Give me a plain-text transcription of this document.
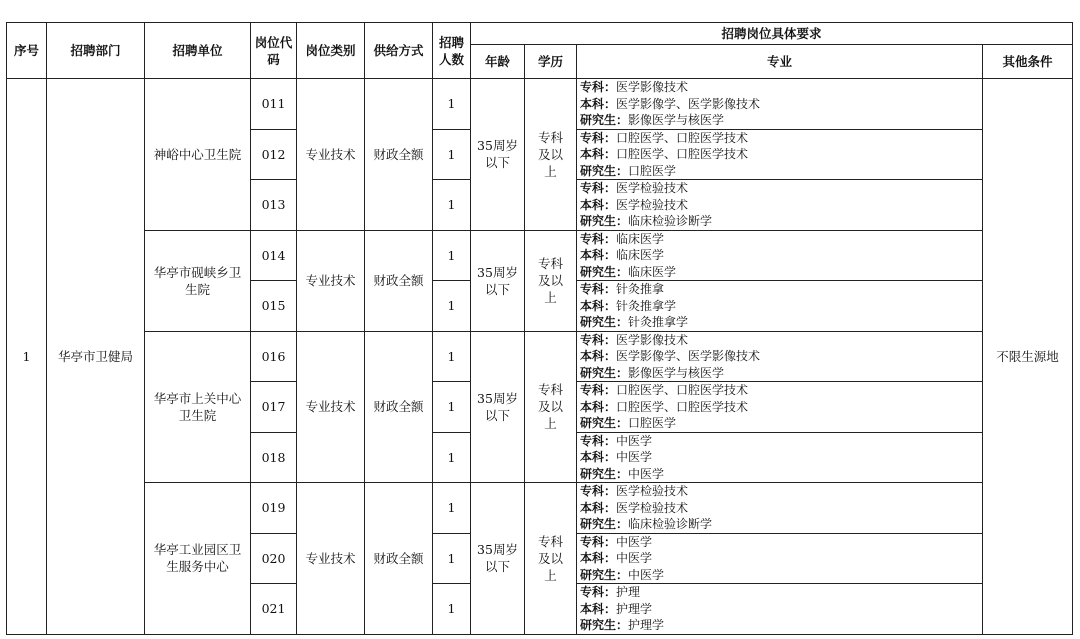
序号	招聘部门	招聘单位	岗位代码	岗位类别	供给方式	招聘人数	招聘岗位具体要求			
							年龄	学历	专业	其他条件
1	华亭市卫健局	神峪中心卫生院	011	专业技术	财政全额	1	35周岁以下	专科及以上	专科：医学影像技术
本科：医学影像学、医学影像技术
研究生：影像医学与核医学	不限生源地
			012			1			专科：口腔医学、口腔医学技术
本科：口腔医学、口腔医学技术
研究生：口腔医学	

			013			1			专科：医学检验技术
本科：医学检验技术
研究生：临床检验诊断学	

		华亭市砚峡乡卫生院	014	专业技术	财政全额	1	35周岁以下	专科及以上	专科：临床医学
本科：临床医学
研究生：临床医学	

			015			1			专科：针灸推拿
本科：针灸推拿学
研究生：针灸推拿学	

		华亭市上关中心卫生院	016	专业技术	财政全额	1	35周岁以下	专科及以上	专科：医学影像技术
本科：医学影像学、医学影像技术
研究生：影像医学与核医学	

			017			1			专科：口腔医学、口腔医学技术
本科：口腔医学、口腔医学技术
研究生：口腔医学	

			018			1			专科：中医学
本科：中医学
研究生：中医学	

		华亭工业园区卫生服务中心	019	专业技术	财政全额	1	35周岁以下	专科及以上	专科：医学检验技术
本科：医学检验技术
研究生：临床检验诊断学	

			020			1			专科：中医学
本科：中医学
研究生：中医学	

			021			1			专科：护理
本科：护理学
研究生：护理学	
